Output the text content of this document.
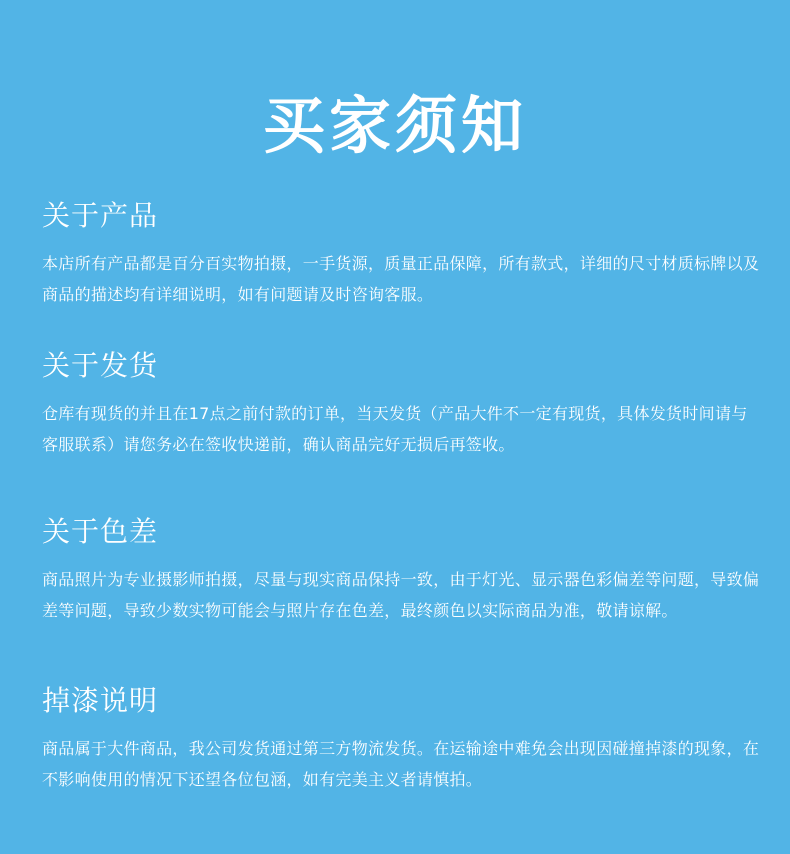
买家须知
关于产品

本店所有产品都是百分百实物拍摄，一手货源，质量正品保障，所有款式，详细的尺寸材质标牌以及商品的描述均有详细说明，如有问题请及时咨询客服。

关于发货

仓库有现货的并且在17点之前付款的订单，当天发货（产品大件不一定有现货，具体发货时间请与客服联系）请您务必在签收快递前，确认商品完好无损后再签收。

关于色差

商品照片为专业摄影师拍摄，尽量与现实商品保持一致，由于灯光、显示器色彩偏差等问题，导致偏差等问题，导致少数实物可能会与照片存在色差，最终颜色以实际商品为准，敬请谅解。

掉漆说明

商品属于大件商品，我公司发货通过第三方物流发货。在运输途中难免会出现因碰撞掉漆的现象，在不影响使用的情况下还望各位包涵，如有完美主义者请慎拍。
